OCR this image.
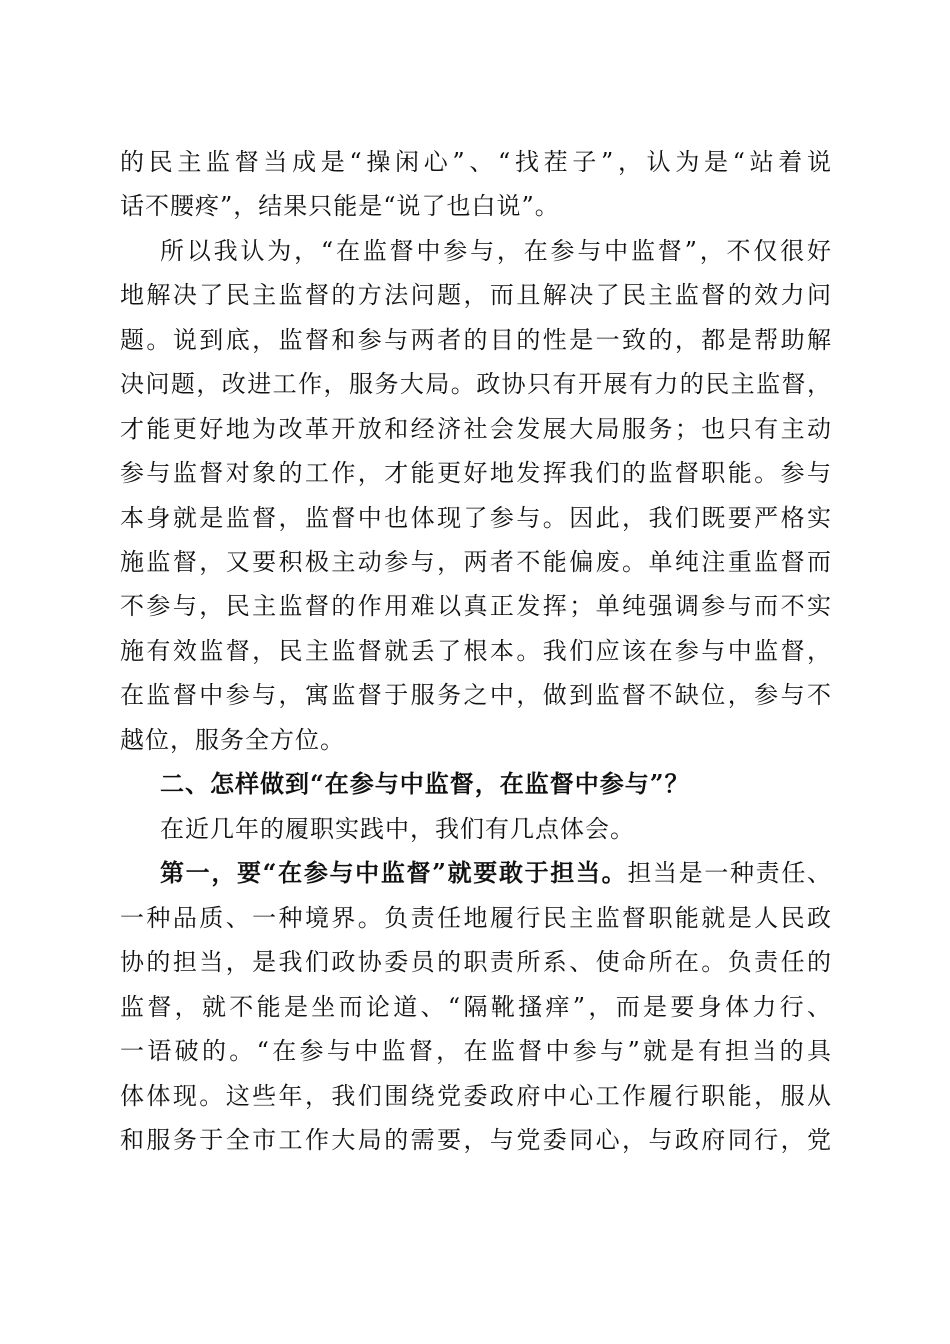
的民主监督当成是“操闲心”、“找茬子”，认为是“站着说
话不腰疼”，结果只能是“说了也白说”。
所以我认为，“在监督中参与，在参与中监督”，不仅很好
地解决了民主监督的方法问题，而且解决了民主监督的效力问
题。说到底，监督和参与两者的目的性是一致的，都是帮助解
决问题，改进工作，服务大局。政协只有开展有力的民主监督，
才能更好地为改革开放和经济社会发展大局服务；也只有主动
参与监督对象的工作，才能更好地发挥我们的监督职能。参与
本身就是监督，监督中也体现了参与。因此，我们既要严格实
施监督，又要积极主动参与，两者不能偏废。单纯注重监督而
不参与，民主监督的作用难以真正发挥；单纯强调参与而不实
施有效监督，民主监督就丢了根本。我们应该在参与中监督，
在监督中参与，寓监督于服务之中，做到监督不缺位，参与不
越位，服务全方位。
二、怎样做到“在参与中监督，在监督中参与”？
在近几年的履职实践中，我们有几点体会。
第一，要“在参与中监督”就要敢于担当。担当是一种责任、
一种品质、一种境界。负责任地履行民主监督职能就是人民政
协的担当，是我们政协委员的职责所系、使命所在。负责任的
监督，就不能是坐而论道、“隔靴搔痒”，而是要身体力行、
一语破的。“在参与中监督，在监督中参与”就是有担当的具
体体现。这些年，我们围绕党委政府中心工作履行职能，服从
和服务于全市工作大局的需要，与党委同心，与政府同行，党
